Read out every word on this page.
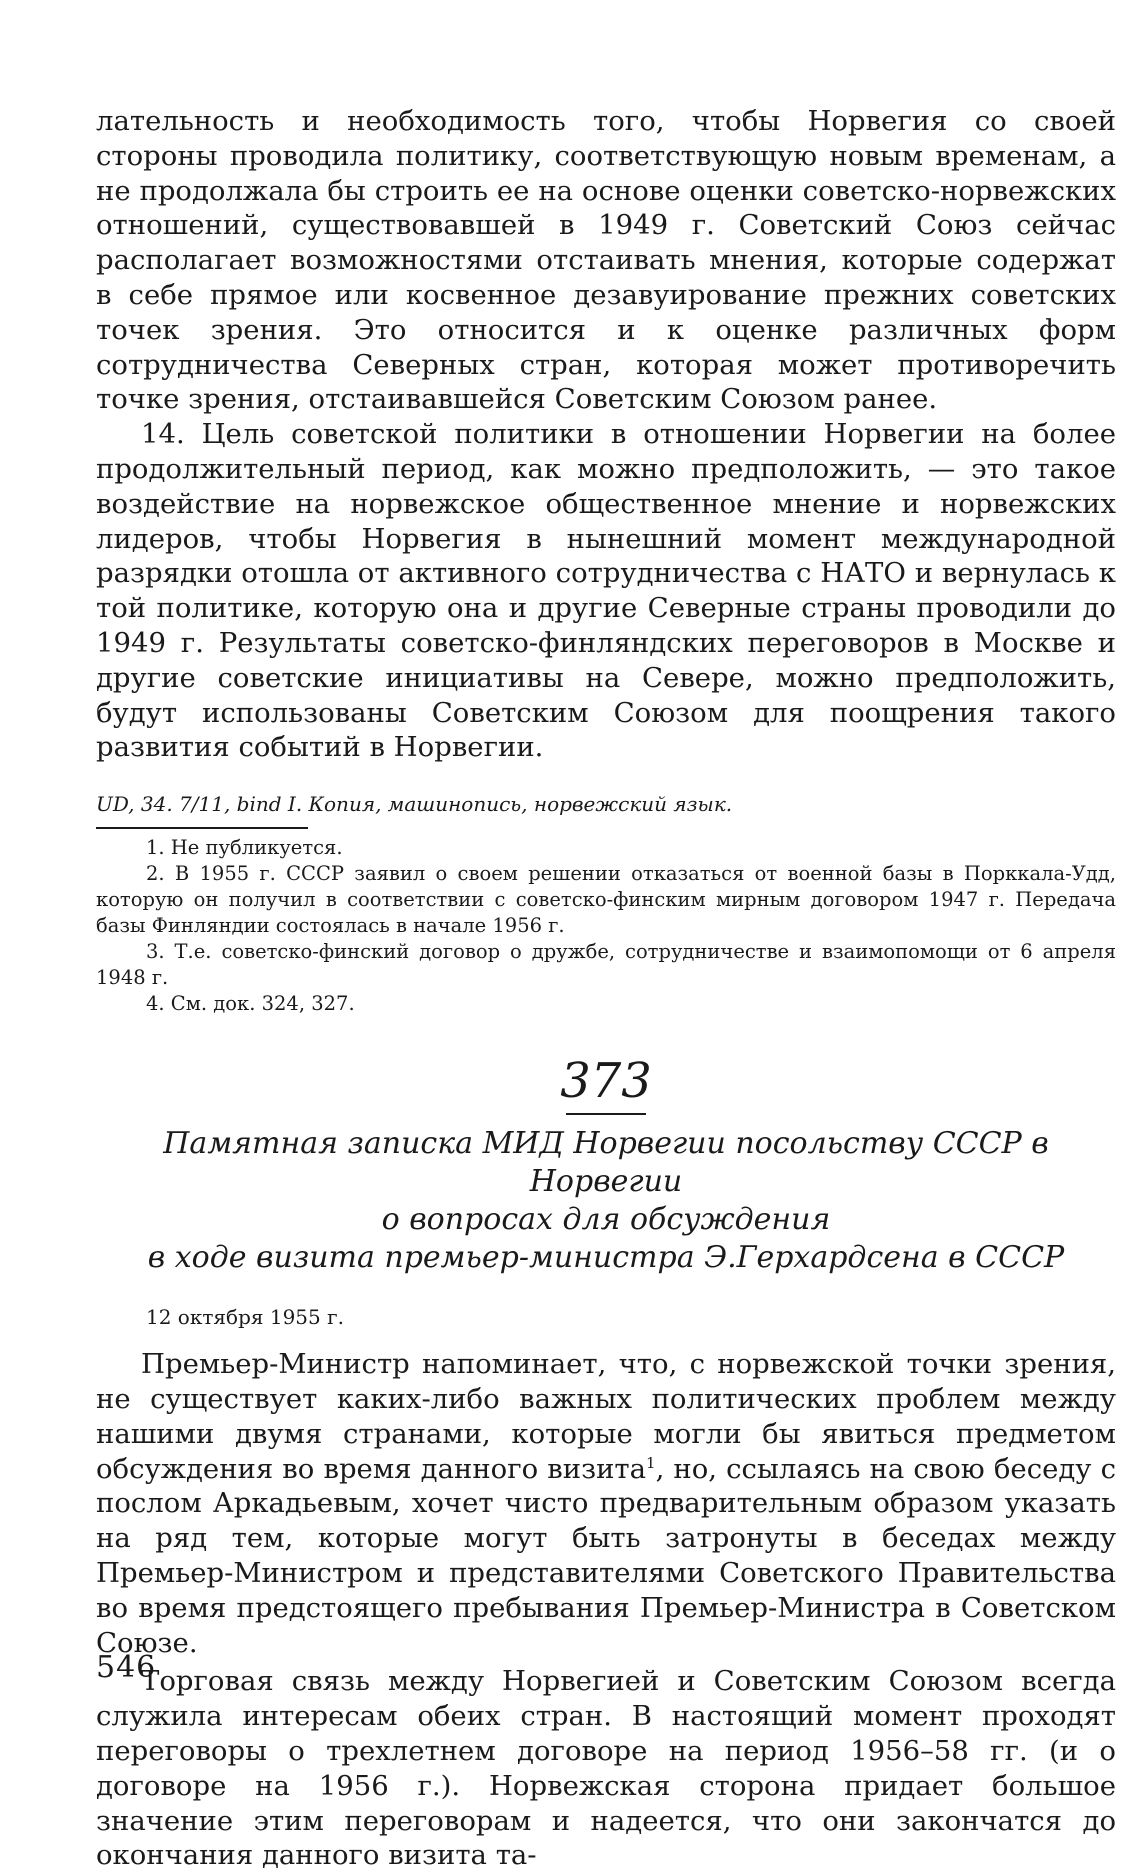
лательность и необходимость того, чтобы Норвегия со своей стороны проводила политику, соответствующую новым временам, а не продолжала бы строить ее на основе оценки советско-норвежских отношений, существовавшей в 1949 г. Советский Союз сейчас располагает возможностями отстаивать мнения, которые содержат в себе прямое или косвенное дезавуирование прежних советских точек зрения. Это относится и к оценке различных форм сотрудничества Северных стран, которая может противоречить точке зрения, отстаивавшейся Советским Союзом ранее.

14. Цель советской политики в отношении Норвегии на более продолжительный период, как можно предположить, — это такое воздействие на норвежское общественное мнение и норвежских лидеров, чтобы Норвегия в нынешний момент международной разрядки отошла от активного сотрудничества с НАТО и вернулась к той политике, которую она и другие Северные страны проводили до 1949 г. Результаты советско-финляндских переговоров в Москве и другие советские инициативы на Севере, можно предположить, будут использованы Советским Союзом для поощрения такого развития событий в Норвегии.

UD, 34. 7/11, bind I. Копия, машинопись, норвежский язык.

1. Не публикуется.

2. В 1955 г. СССР заявил о своем решении отказаться от военной базы в Порккала-Удд, которую он получил в соответствии с советско-финским мирным договором 1947 г. Передача базы Финляндии состоялась в начале 1956 г.

3. Т.е. советско-финский договор о дружбе, сотрудничестве и взаимопомощи от 6 апреля 1948 г.

4. См. док. 324, 327.

373
Памятная записка МИД Норвегии посольству СССР в Норвегии
о вопросах для обсуждения
в ходе визита премьер-министра Э.Герхардсена в СССР
12 октября 1955 г.

Премьер-Министр напоминает, что, с норвежской точки зрения, не существует каких-либо важных политических проблем между нашими двумя странами, которые могли бы явиться предметом обсуждения во время данного визита$^1$, но, ссылаясь на свою беседу с послом Аркадьевым, хочет чисто предварительным образом указать на ряд тем, которые могут быть затронуты в беседах между Премьер-Министром и представителями Советского Правительства во время предстоящего пребывания Премьер-Министра в Советском Союзе.

Торговая связь между Норвегией и Советским Союзом всегда служила интересам обеих стран. В настоящий момент проходят переговоры о трехлетнем договоре на период 1956–58 гг. (и о договоре на 1956 г.). Норвежская сторона придает большое значение этим переговорам и надеется, что они закончатся до окончания данного визита та-

546
